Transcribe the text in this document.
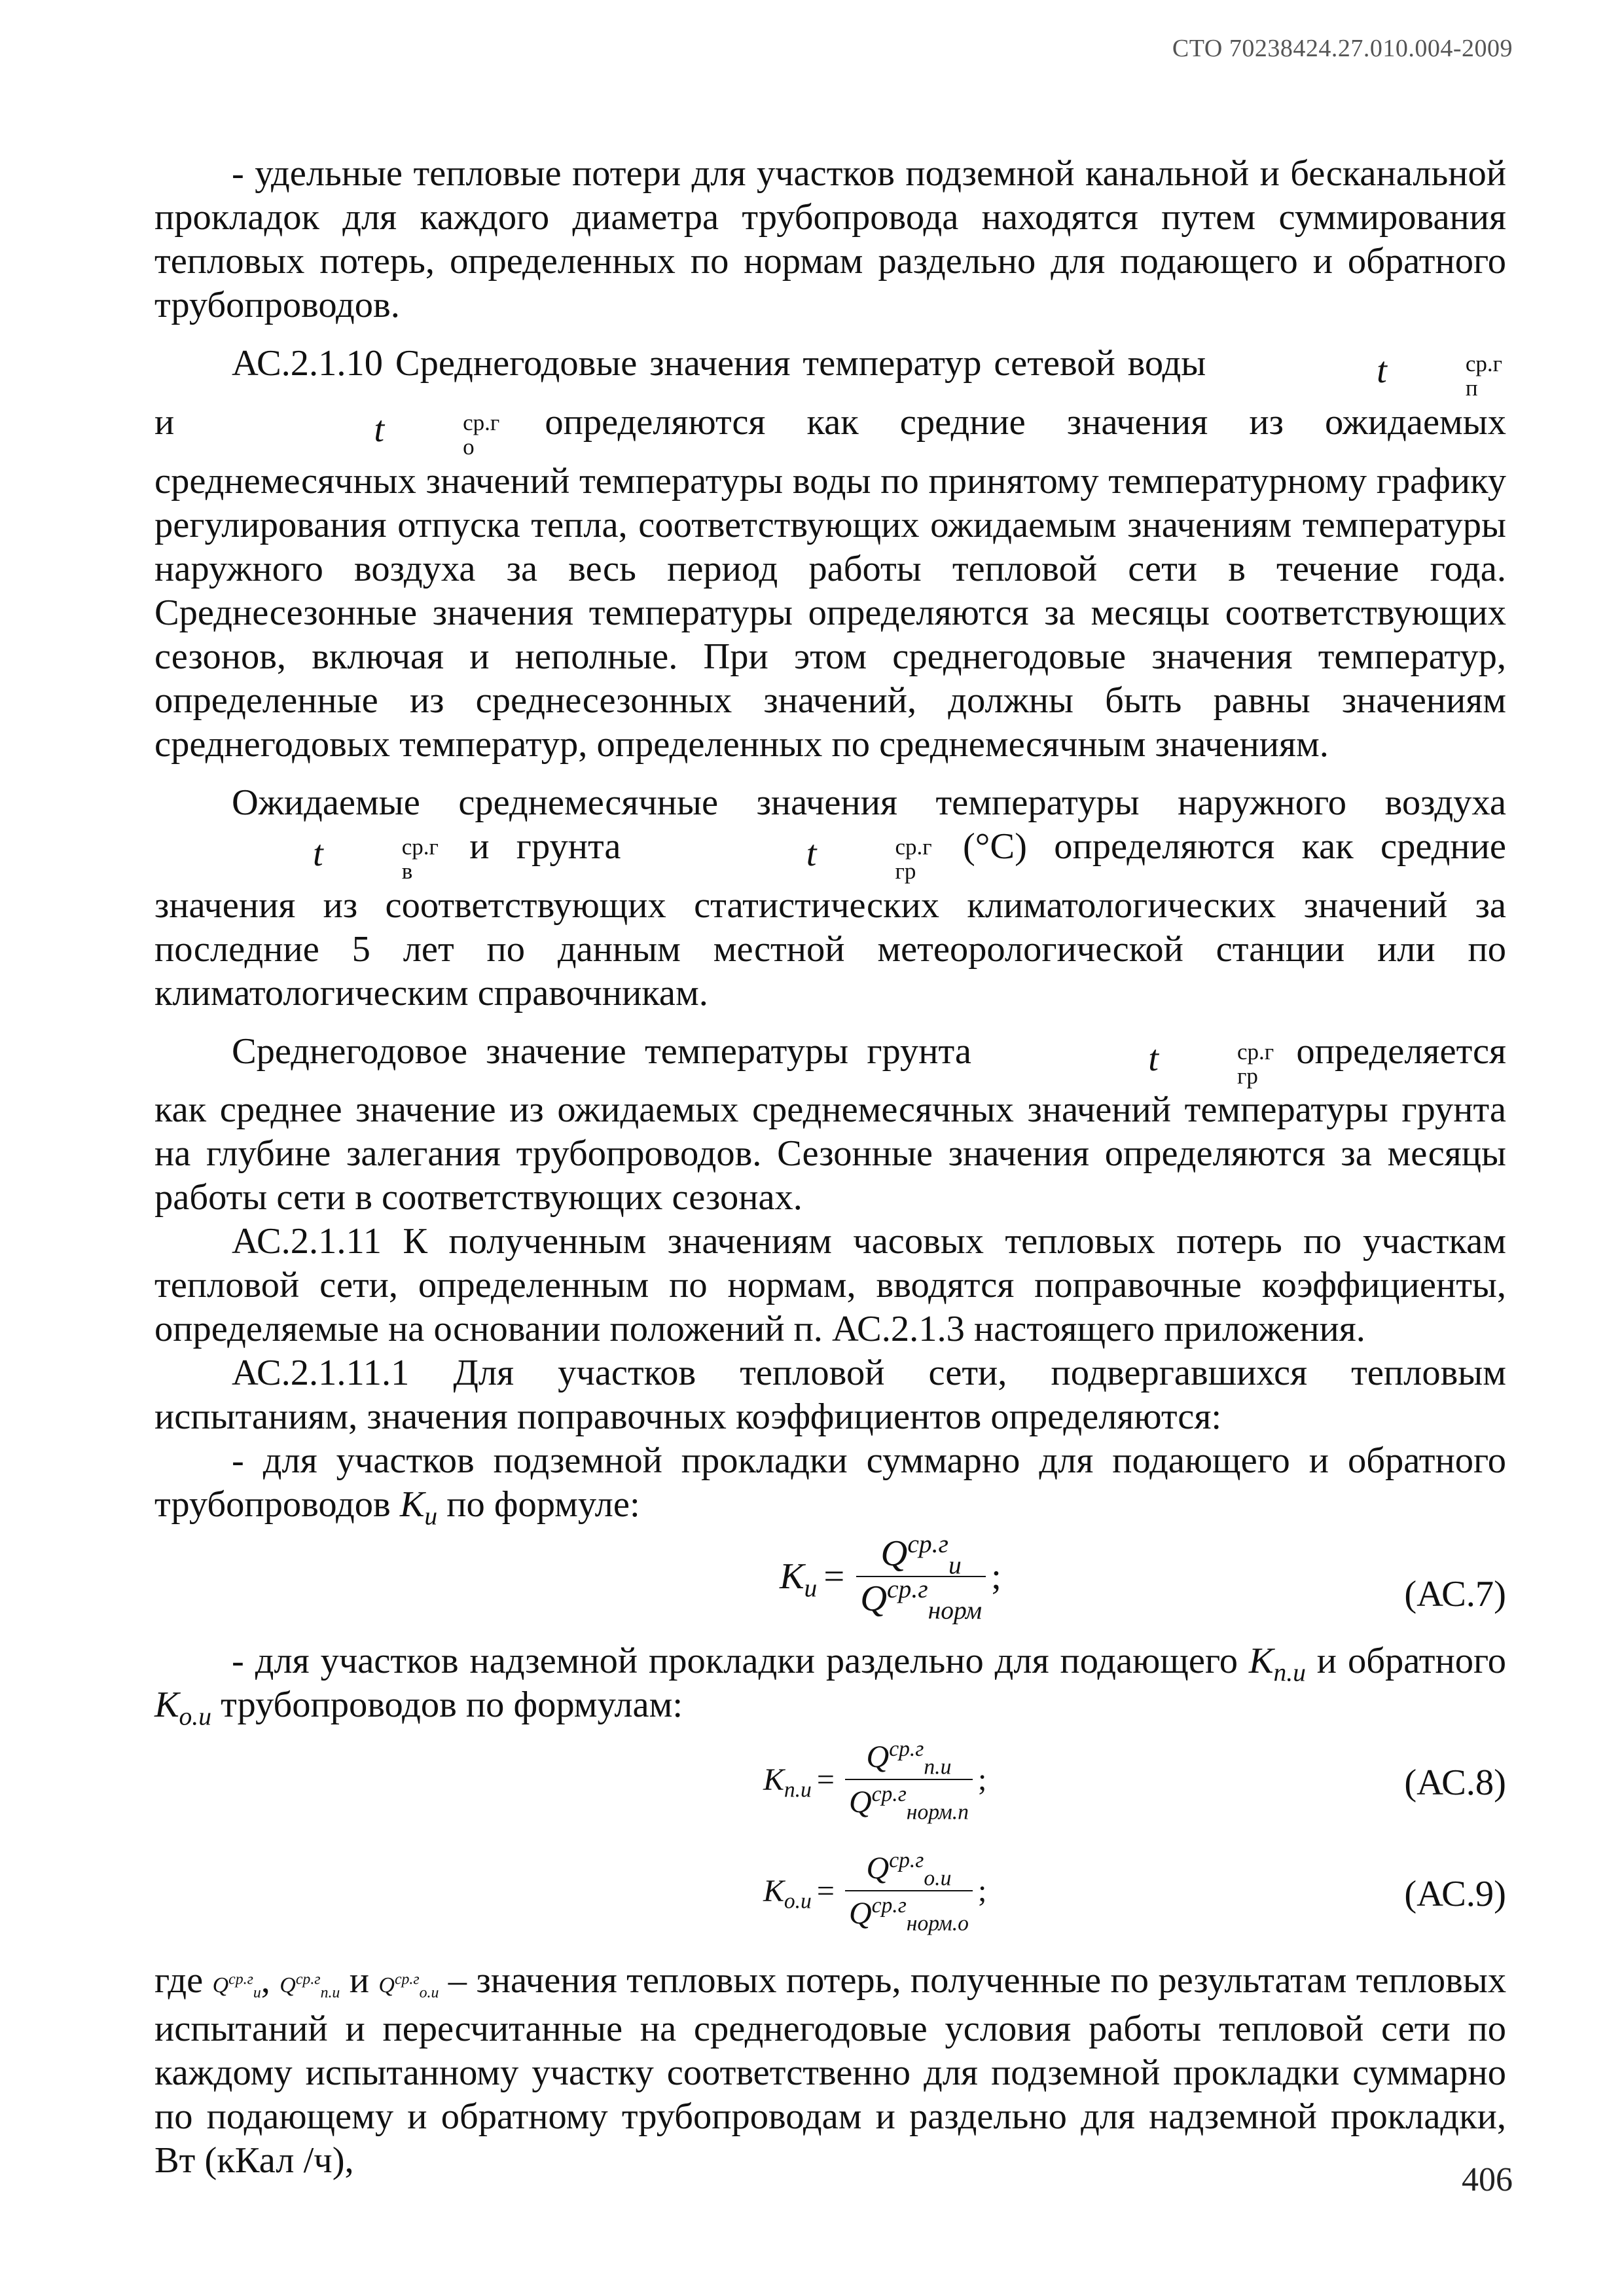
СТО 70238424.27.010.004-2009

- удельные тепловые потери для участков подземной канальной и бесканальной прокладок для каждого диаметра трубопровода находятся путем суммирования тепловых потерь, определенных по нормам раздельно для подающего и обратного трубопроводов.

АС.2.1.10 Среднегодовые значения температур сетевой воды	t	ср.г
п
и	t	ср.г
о
определяются как средние значения из ожидаемых среднемесячных значений температуры воды по принятому температурному графику регулирования отпуска тепла, соответствующих ожидаемым значениям температуры наружного воздуха за весь период работы тепловой сети в течение года. Среднесезонные значения температуры определяются за месяцы соответствующих сезонов, включая и неполные. При этом среднегодовые значения температур, определенные из среднесезонных значений, должны быть равны значениям среднегодовых температур, определенных по среднемесячным значениям.

Ожидаемые среднемесячные значения температуры наружного воздуха t	ср.г
в
и грунта	t	ср.г
гр
(°C) определяются как средние значения из соответствующих статистических климатологических значений за последние 5 лет по данным местной метеорологической станции или по климатологическим справочникам.

Среднегодовое значение температуры грунта	t	ср.г
гр
определяется как среднее значение из ожидаемых среднемесячных значений температуры грунта на глубине залегания трубопроводов. Сезонные значения определяются за месяцы работы сети в соответствующих сезонах.

АС.2.1.11 К полученным значениям часовых тепловых потерь по участкам тепловой сети, определенным по нормам, вводятся поправочные коэффициенты, определяемые на основании положений п. АС.2.1.3 настоящего приложения.

АС.2.1.11.1 Для участков тепловой сети, подвергавшихся тепловым испытаниям, значения поправочных коэффициентов определяются:

- для участков подземной прокладки суммарно для подающего и обратного трубопроводов $К_и$ по формуле:

$К_и = \frac{Q^{ср.г}_и}{Q^{ср.г}_{норм}}$ ;	(АС.7)

- для участков надземной прокладки раздельно для подающего $К_{п.и}$ и обратного $К_{о.и}$ трубопроводов по формулам:

$К_{п.и} = \frac{Q^{ср.г}_{п.и}}{Q^{ср.г}_{норм.п}}$ ;	(АС.8)
$К_{о.и} = \frac{Q^{ср.г}_{о.и}}{Q^{ср.г}_{норм.о}}$ ;	(АС.9)

где $Q^{ср.г}_и$, $Q^{ср.г}_{п.и}$ и $Q^{ср.г}_{о.и}$ – значения тепловых потерь, полученные по результатам тепловых испытаний и пересчитанные на среднегодовые условия работы тепловой сети по каждому испытанному участку соответственно для подземной прокладки суммарно по подающему и обратному трубопроводам и раздельно для надземной прокладки, Вт (кКал /ч),	406
